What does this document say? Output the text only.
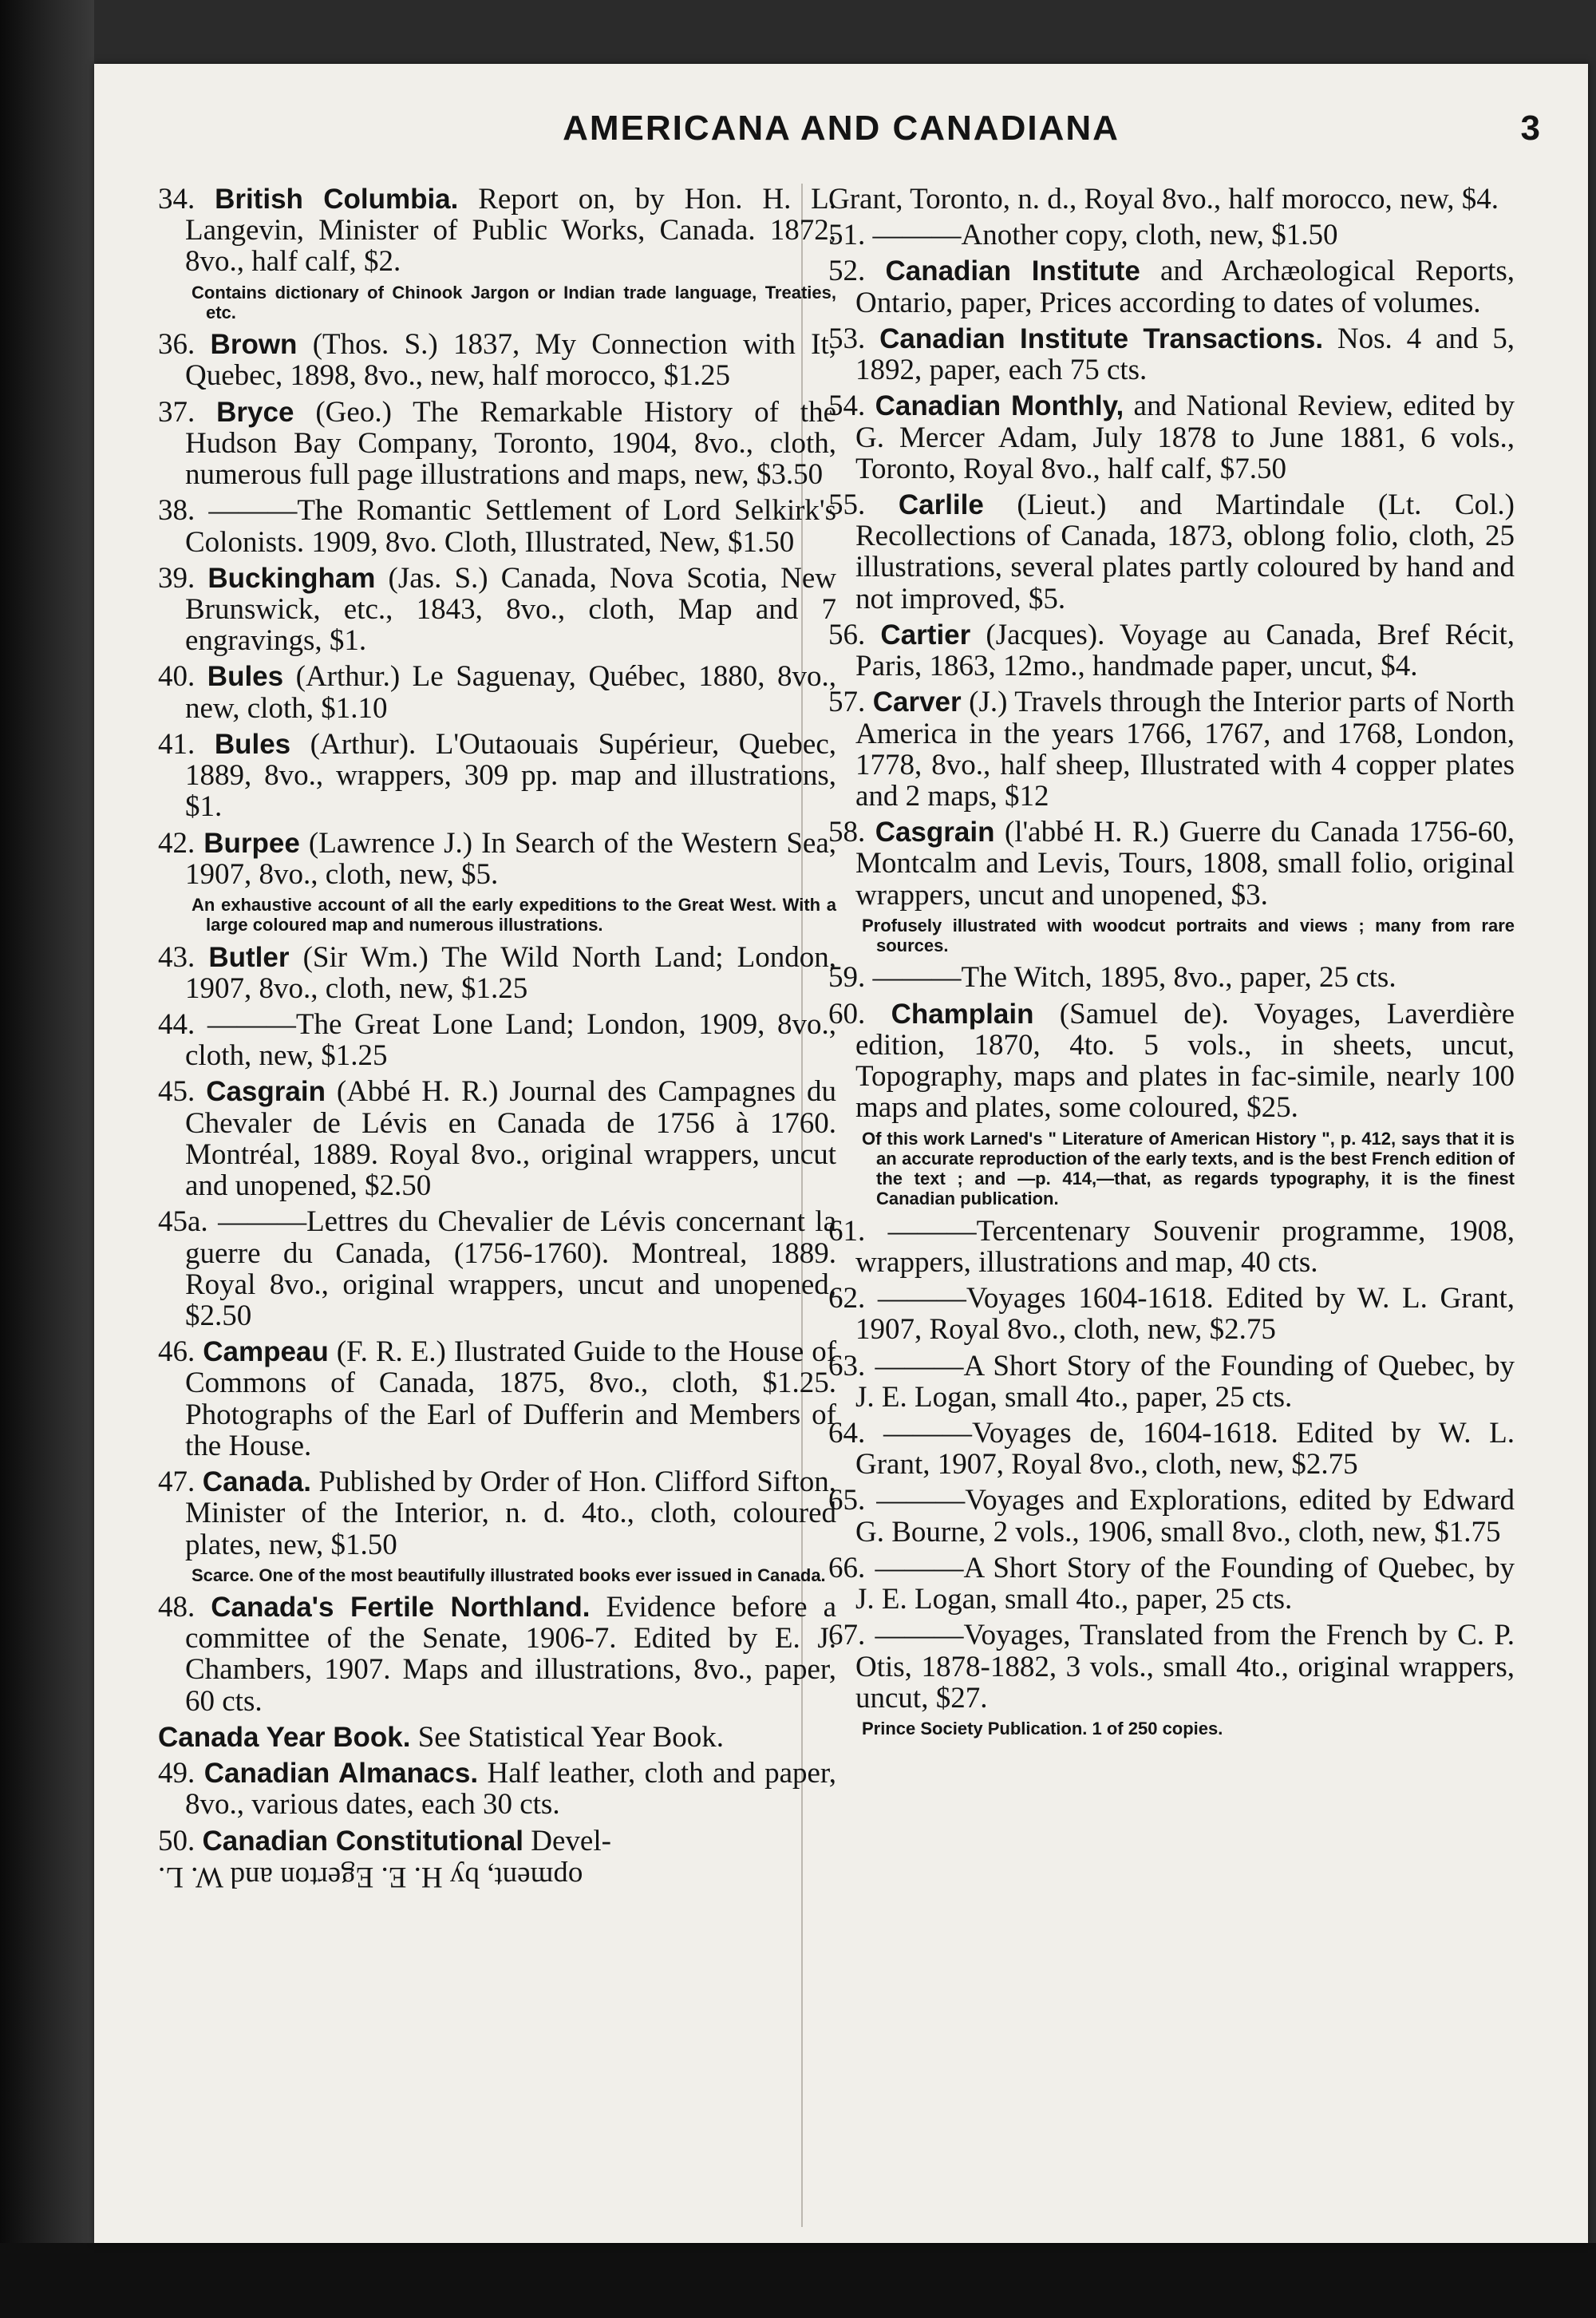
AMERICANA AND CANADIANA	3
34. British Columbia. Report on, by Hon. H. L. Langevin, Minister of Public Works, Canada. 1872, 8vo., half calf, $2.
Contains dictionary of Chinook Jargon or Indian trade language, Treaties, etc.
36. Brown (Thos. S.) 1837, My Connection with It, Quebec, 1898, 8vo., new, half morocco, $1.25
37. Bryce (Geo.) The Remarkable History of the Hudson Bay Company, Toronto, 1904, 8vo., cloth, numerous full page illustrations and maps, new, $3.50
38. ———The Romantic Settlement of Lord Selkirk's Colonists. 1909, 8vo. Cloth, Illustrated, New, $1.50
39. Buckingham (Jas. S.) Canada, Nova Scotia, New Brunswick, etc., 1843, 8vo., cloth, Map and 7 engravings, $1.
40. Bules (Arthur.) Le Saguenay, Québec, 1880, 8vo., new, cloth, $1.10
41. Bules (Arthur). L'Outaouais Supérieur, Quebec, 1889, 8vo., wrappers, 309 pp. map and illustrations, $1.
42. Burpee (Lawrence J.) In Search of the Western Sea, 1907, 8vo., cloth, new, $5.
An exhaustive account of all the early expeditions to the Great West. With a large coloured map and numerous illustrations.
43. Butler (Sir Wm.) The Wild North Land; London, 1907, 8vo., cloth, new, $1.25
44. ———The Great Lone Land; London, 1909, 8vo., cloth, new, $1.25
45. Casgrain (Abbé H. R.) Journal des Campagnes du Chevaler de Lévis en Canada de 1756 à 1760. Montréal, 1889. Royal 8vo., original wrappers, uncut and unopened, $2.50
45a. ———Lettres du Chevalier de Lévis concernant la guerre du Canada, (1756-1760). Montreal, 1889. Royal 8vo., original wrappers, uncut and unopened, $2.50
46. Campeau (F. R. E.) Ilustrated Guide to the House of Commons of Canada, 1875, 8vo., cloth, $1.25. Photographs of the Earl of Dufferin and Members of the House.
47. Canada. Published by Order of Hon. Clifford Sifton, Minister of the Interior, n. d. 4to., cloth, coloured plates, new, $1.50
Scarce. One of the most beautifully illustrated books ever issued in Canada.
48. Canada's Fertile Northland. Evidence before a committee of the Senate, 1906-7. Edited by E. J. Chambers, 1907. Maps and illustrations, 8vo., paper, 60 cts.
Canada Year Book. See Statistical Year Book.
49. Canadian Almanacs. Half leather, cloth and paper, 8vo., various dates, each 30 cts.
50. Canadian Constitutional Devel-
opment, by H. E. Egerton and W. L.
Grant, Toronto, n. d., Royal 8vo., half morocco, new, $4.
51. ———Another copy, cloth, new, $1.50
52. Canadian Institute and Archæological Reports, Ontario, paper, Prices according to dates of volumes.
53. Canadian Institute Transactions. Nos. 4 and 5, 1892, paper, each 75 cts.
54. Canadian Monthly, and National Review, edited by G. Mercer Adam, July 1878 to June 1881, 6 vols., Toronto, Royal 8vo., half calf, $7.50
55. Carlile (Lieut.) and Martindale (Lt. Col.) Recollections of Canada, 1873, oblong folio, cloth, 25 illustrations, several plates partly coloured by hand and not improved, $5.
56. Cartier (Jacques). Voyage au Canada, Bref Récit, Paris, 1863, 12mo., handmade paper, uncut, $4.
57. Carver (J.) Travels through the Interior parts of North America in the years 1766, 1767, and 1768, London, 1778, 8vo., half sheep, Illustrated with 4 copper plates and 2 maps, $12
58. Casgrain (l'abbé H. R.) Guerre du Canada 1756-60, Montcalm and Levis, Tours, 1808, small folio, original wrappers, uncut and unopened, $3.
Profusely illustrated with woodcut portraits and views ; many from rare sources.
59. ———The Witch, 1895, 8vo., paper, 25 cts.
60. Champlain (Samuel de). Voyages, Laverdière edition, 1870, 4to. 5 vols., in sheets, uncut, Topography, maps and plates in fac-simile, nearly 100 maps and plates, some coloured, $25.
Of this work Larned's " Literature of American History ", p. 412, says that it is an accurate reproduction of the early texts, and is the best French edition of the text ; and —p. 414,—that, as regards typography, it is the finest Canadian publication.
61. ———Tercentenary Souvenir programme, 1908, wrappers, illustrations and map, 40 cts.
62. ———Voyages 1604-1618. Edited by W. L. Grant, 1907, Royal 8vo., cloth, new, $2.75
63. ———A Short Story of the Founding of Quebec, by J. E. Logan, small 4to., paper, 25 cts.
64. ———Voyages de, 1604-1618. Edited by W. L. Grant, 1907, Royal 8vo., cloth, new, $2.75
65. ———Voyages and Explorations, edited by Edward G. Bourne, 2 vols., 1906, small 8vo., cloth, new, $1.75
66. ———A Short Story of the Founding of Quebec, by J. E. Logan, small 4to., paper, 25 cts.
67. ———Voyages, Translated from the French by C. P. Otis, 1878-1882, 3 vols., small 4to., original wrappers, uncut, $27.
Prince Society Publication. 1 of 250 copies.
